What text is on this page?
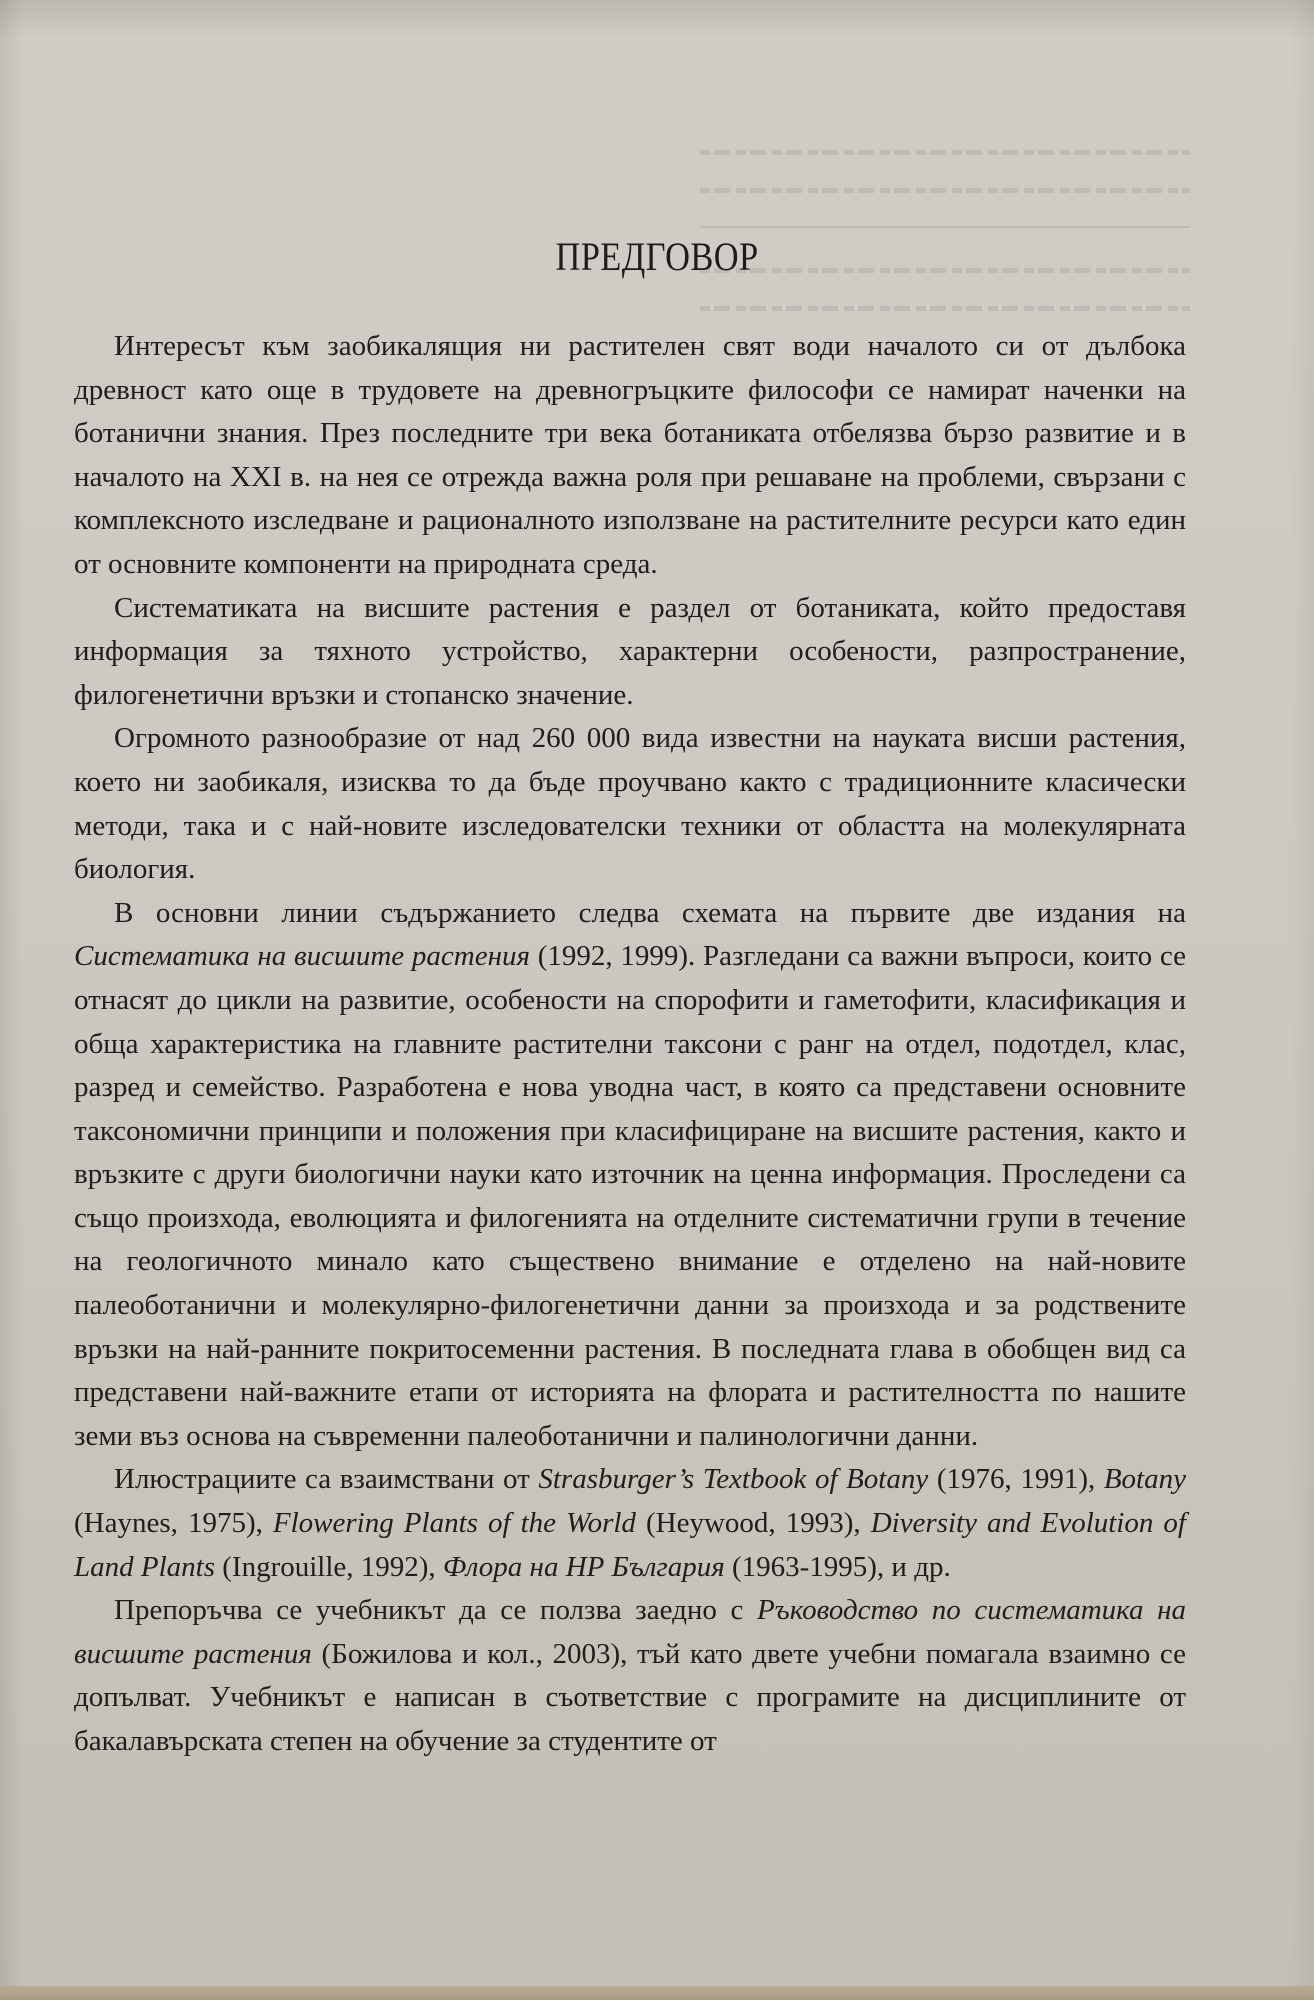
ПРЕДГОВОР

Интересът към заобикалящия ни растителен свят води началото си от дълбока древност като още в трудовете на древногръцките философи се намират наченки на ботанични знания. През последните три века ботаниката отбелязва бързо развитие и в началото на XXI в. на нея се отрежда важна роля при решаване на проблеми, свързани с комплексното изследване и рационалното използване на растителните ресурси като един от основните компоненти на природната среда.

Систематиката на висшите растения е раздел от ботаниката, който предоставя информация за тяхното устройство, характерни особености, разпространение, филогенетични връзки и стопанско значение.

Огромното разнообразие от над 260 000 вида известни на науката висши растения, което ни заобикаля, изисква то да бъде проучвано както с традиционните класически методи, така и с най-новите изследователски техники от областта на молекулярната биология.

В основни линии съдържанието следва схемата на първите две издания на Систематика на висшите растения (1992, 1999). Разгледани са важни въпроси, които се отнасят до цикли на развитие, особености на спорофити и гаметофити, класификация и обща характеристика на главните растителни таксони с ранг на отдел, подотдел, клас, разред и семейство. Разработена е нова уводна част, в която са представени основните таксономични принципи и положения при класифициране на висшите растения, както и връзките с други биологични науки като източник на ценна информация. Проследени са също произхода, еволюцията и филогенията на отделните систематични групи в течение на геологичното минало като съществено внимание е отделено на най-новите палеоботанични и молекулярно-филогенетични данни за произхода и за родствените връзки на най-ранните покритосеменни растения. В последната глава в обобщен вид са представени най-важните етапи от историята на флората и растителността по нашите земи въз основа на съвременни палеоботанични и палинологични данни.

Илюстрациите са взаимствани от Strasburger’s Textbook of Botany (1976, 1991), Botany (Haynes, 1975), Flowering Plants of the World (Heywood, 1993), Diversity and Evolution of Land Plants (Ingrouille, 1992), Флора на НР България (1963-1995), и др.

Препоръчва се учебникът да се ползва заедно с Ръководство по систематика на висшите растения (Божилова и кол., 2003), тъй като двете учебни помагала взаимно се допълват. Учебникът е написан в съответствие с програмите на дисциплините от бакалавърската степен на обучение за студентите от
